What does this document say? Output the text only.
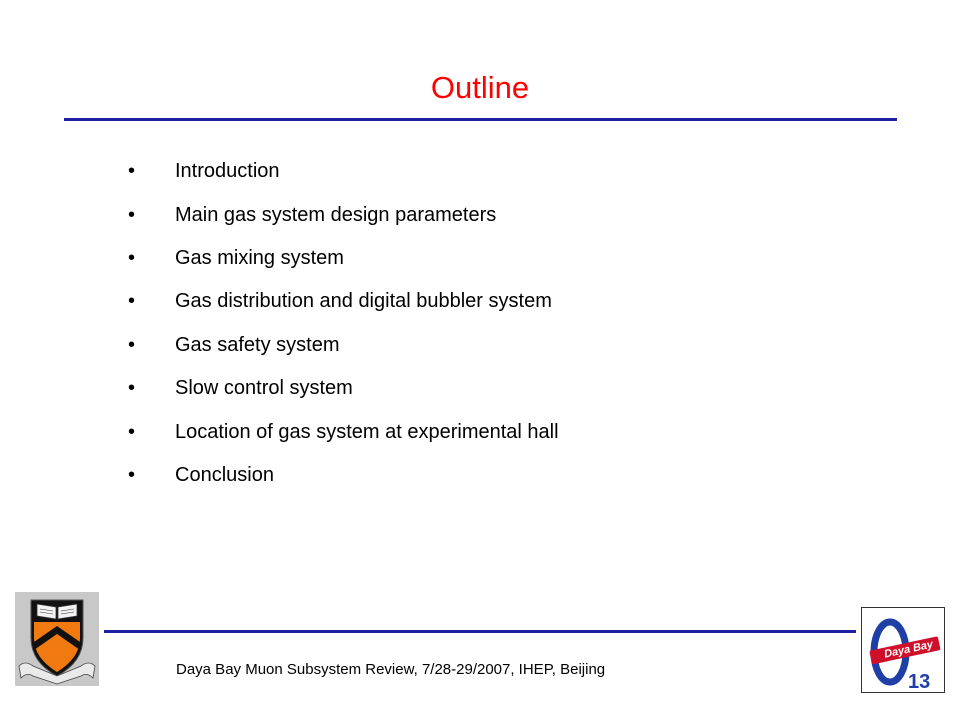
Outline
•	Introduction
•	Main gas system design parameters
•	Gas mixing system
•	Gas distribution and digital bubbler system
•	Gas safety system
•	Slow control system
•	Location of gas system at experimental hall
•	Conclusion
Daya Bay Muon Subsystem Review, 7/28-29/2007, IHEP, Beijing
Daya Bay
13
